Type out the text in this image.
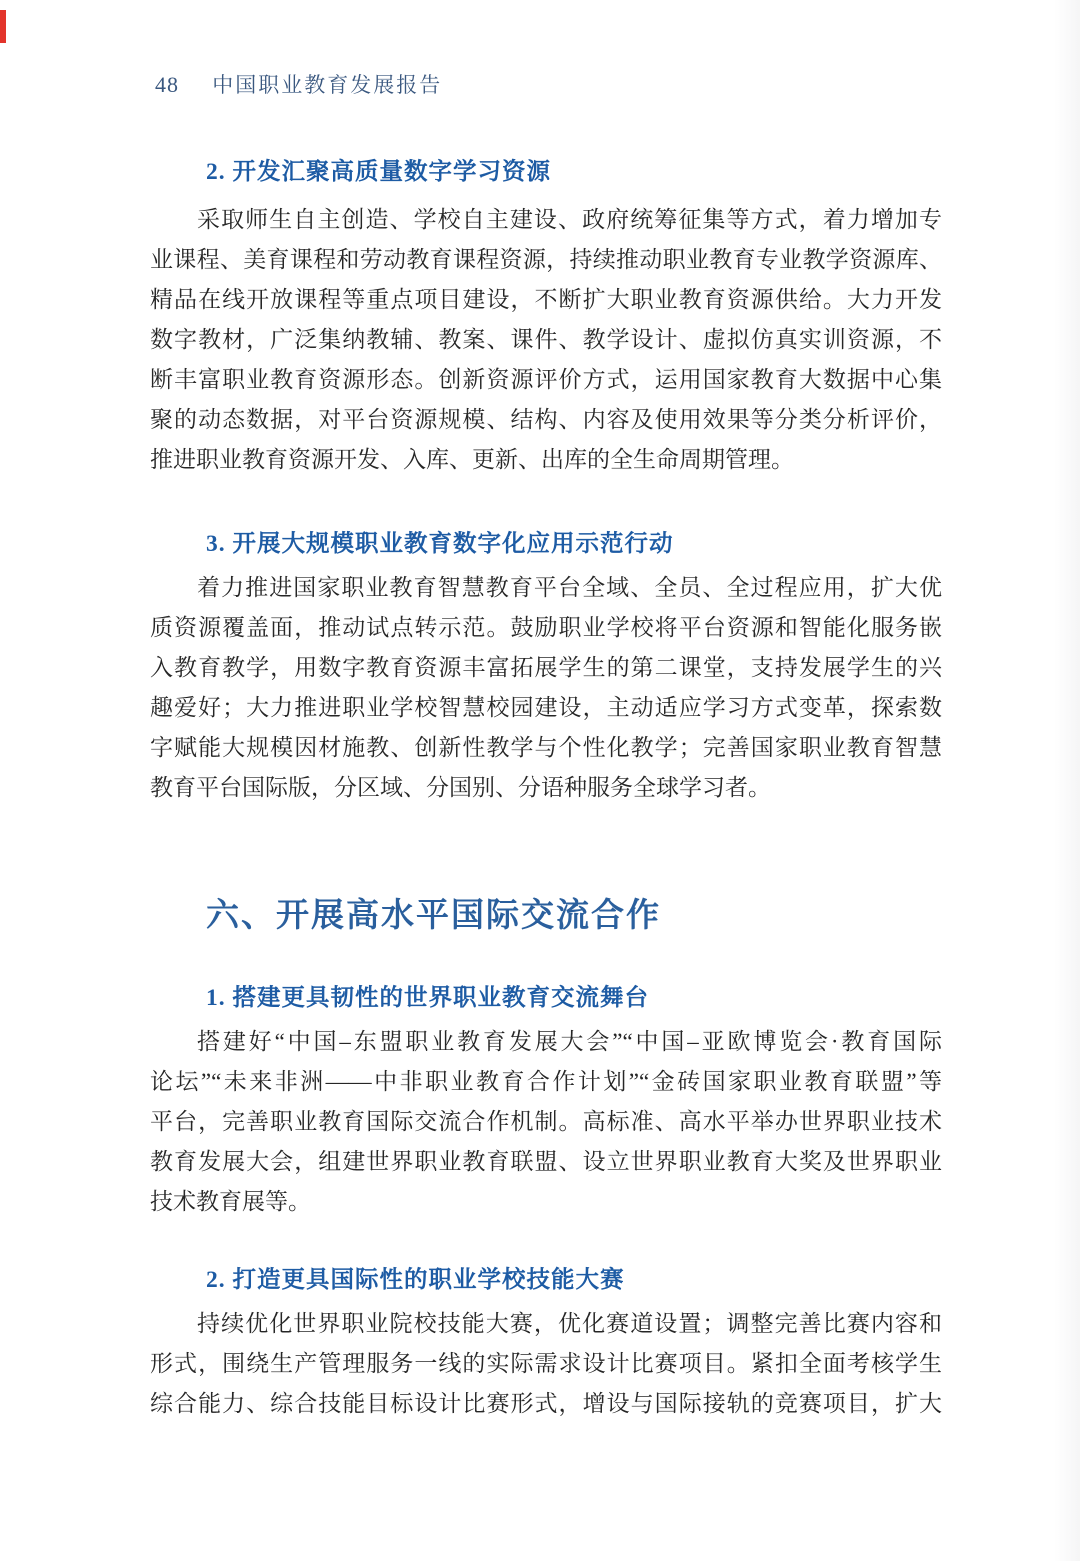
48 中国职业教育发展报告
2. 开发汇聚高质量数字学习资源
采取师生自主创造、学校自主建设、政府统筹征集等方式，着力增加专
业课程、美育课程和劳动教育课程资源，持续推动职业教育专业教学资源库、
精品在线开放课程等重点项目建设，不断扩大职业教育资源供给。大力开发
数字教材，广泛集纳教辅、教案、课件、教学设计、虚拟仿真实训资源，不
断丰富职业教育资源形态。创新资源评价方式，运用国家教育大数据中心集
聚的动态数据，对平台资源规模、结构、内容及使用效果等分类分析评价，
推进职业教育资源开发、入库、更新、出库的全生命周期管理。
3. 开展大规模职业教育数字化应用示范行动
着力推进国家职业教育智慧教育平台全域、全员、全过程应用，扩大优
质资源覆盖面，推动试点转示范。鼓励职业学校将平台资源和智能化服务嵌
入教育教学，用数字教育资源丰富拓展学生的第二课堂，支持发展学生的兴
趣爱好；大力推进职业学校智慧校园建设，主动适应学习方式变革，探索数
字赋能大规模因材施教、创新性教学与个性化教学；完善国家职业教育智慧
教育平台国际版，分区域、分国别、分语种服务全球学习者。
六、开展高水平国际交流合作
1. 搭建更具韧性的世界职业教育交流舞台
搭建好“中国–东盟职业教育发展大会”“中国–亚欧博览会·教育国际
论坛”“未来非洲——中非职业教育合作计划”“金砖国家职业教育联盟”等
平台，完善职业教育国际交流合作机制。高标准、高水平举办世界职业技术
教育发展大会，组建世界职业教育联盟、设立世界职业教育大奖及世界职业
技术教育展等。
2. 打造更具国际性的职业学校技能大赛
持续优化世界职业院校技能大赛，优化赛道设置；调整完善比赛内容和
形式，围绕生产管理服务一线的实际需求设计比赛项目。紧扣全面考核学生
综合能力、综合技能目标设计比赛形式，增设与国际接轨的竞赛项目，扩大
